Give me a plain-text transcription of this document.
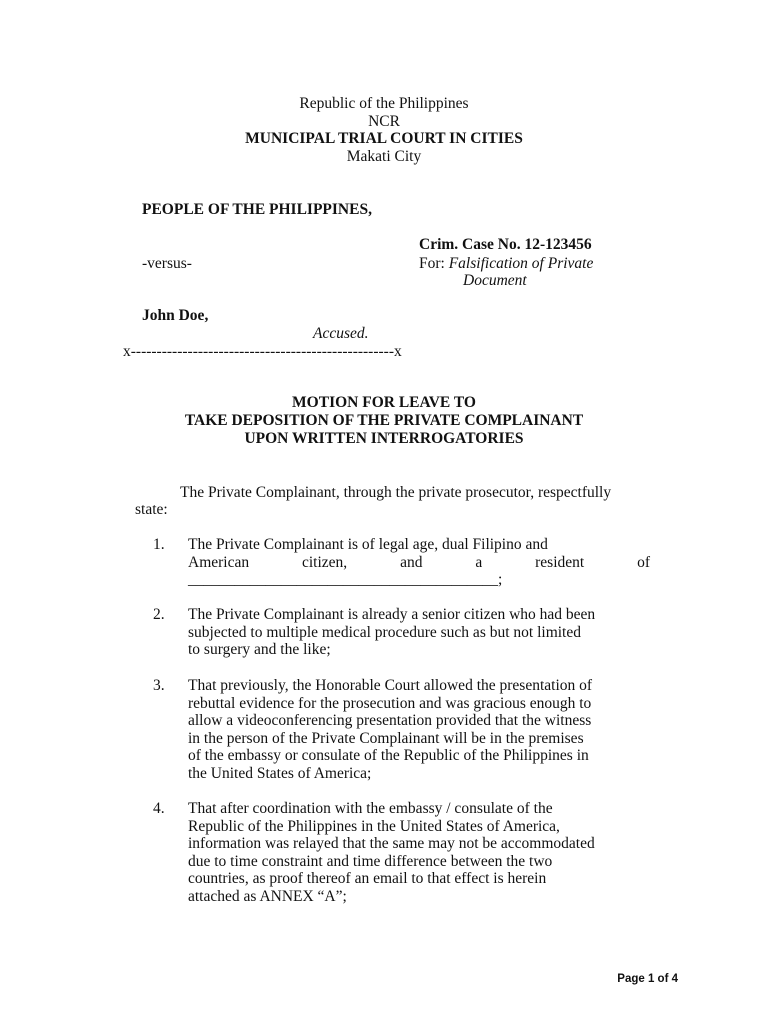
Republic of the Philippines
NCR
MUNICIPAL TRIAL COURT IN CITIES
Makati City
PEOPLE OF THE PHILIPPINES,
Crim. Case No. 12-123456
-versus-	For: Falsification of Private
Document
John Doe,
Accused.
x---------------------------------------------------x
MOTION FOR LEAVE TO
TAKE DEPOSITION OF THE PRIVATE COMPLAINANT
UPON WRITTEN INTERROGATORIES
The Private Complainant, through the private prosecutor, respectfully
state:
1. The Private Complainant is of legal age, dual Filipino and

American citizen, and a resident of

________________________________________;

2. The Private Complainant is already a senior citizen who had been

subjected to multiple medical procedure such as but not limited

to surgery and the like;

3. That previously, the Honorable Court allowed the presentation of

rebuttal evidence for the prosecution and was gracious enough to

allow a videoconferencing presentation provided that the witness

in the person of the Private Complainant will be in the premises

of the embassy or consulate of the Republic of the Philippines in

the United States of America;

4. That after coordination with the embassy / consulate of the

Republic of the Philippines in the United States of America,

information was relayed that the same may not be accommodated

due to time constraint and time difference between the two

countries, as proof thereof an email to that effect is herein

attached as ANNEX “A”;

Page 1 of 4
